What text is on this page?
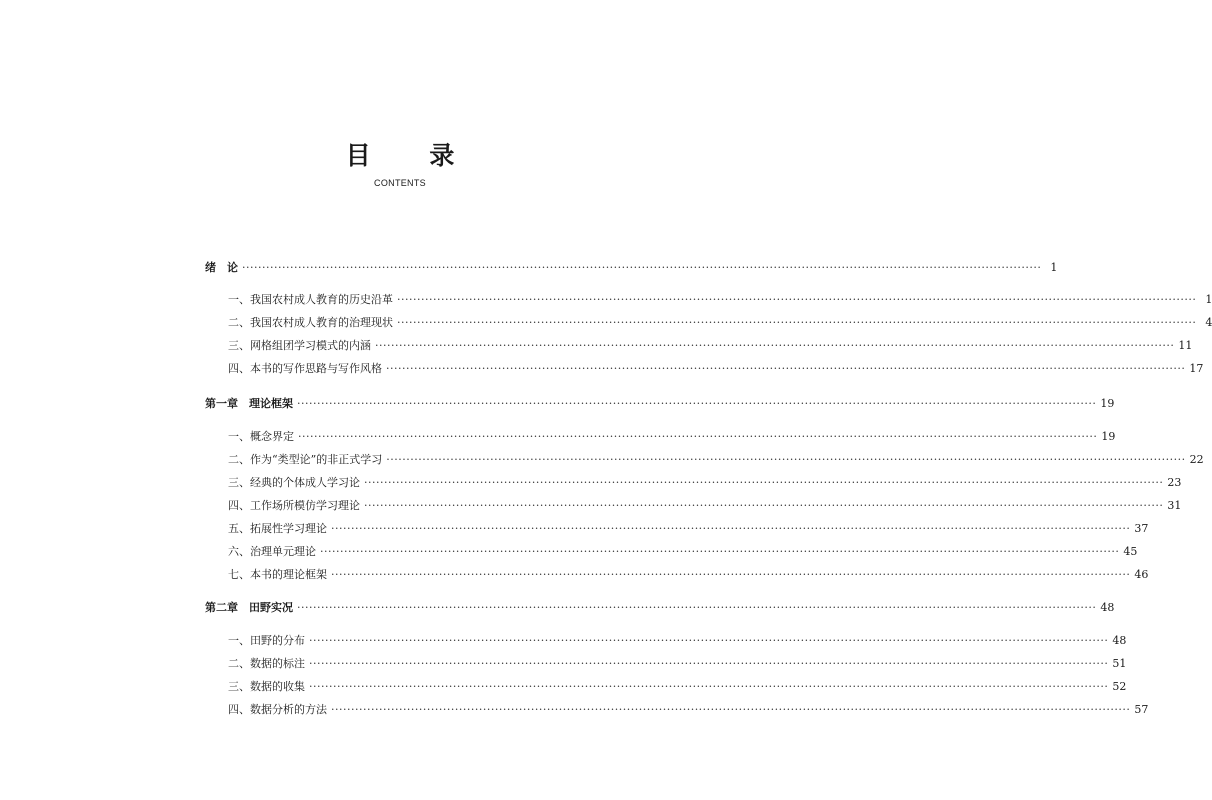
目 录
CONTENTS
绪　论 ········································································································································································································ 1
一、我国农村成人教育的历史沿革 ········································································································································································································ 1
二、我国农村成人教育的治理现状 ········································································································································································································ 4
三、网格组团学习模式的内涵 ········································································································································································································ 11
四、本书的写作思路与写作风格 ········································································································································································································ 17
第一章　理论框架 ········································································································································································································ 19
一、概念界定 ········································································································································································································ 19
二、作为“类型论”的非正式学习 ········································································································································································································ 22
三、经典的个体成人学习论 ········································································································································································································ 23
四、工作场所模仿学习理论 ········································································································································································································ 31
五、拓展性学习理论 ········································································································································································································ 37
六、治理单元理论 ········································································································································································································ 45
七、本书的理论框架 ········································································································································································································ 46
第二章　田野实况 ········································································································································································································ 48
一、田野的分布 ········································································································································································································ 48
二、数据的标注 ········································································································································································································ 51
三、数据的收集 ········································································································································································································ 52
四、数据分析的方法 ········································································································································································································ 57
